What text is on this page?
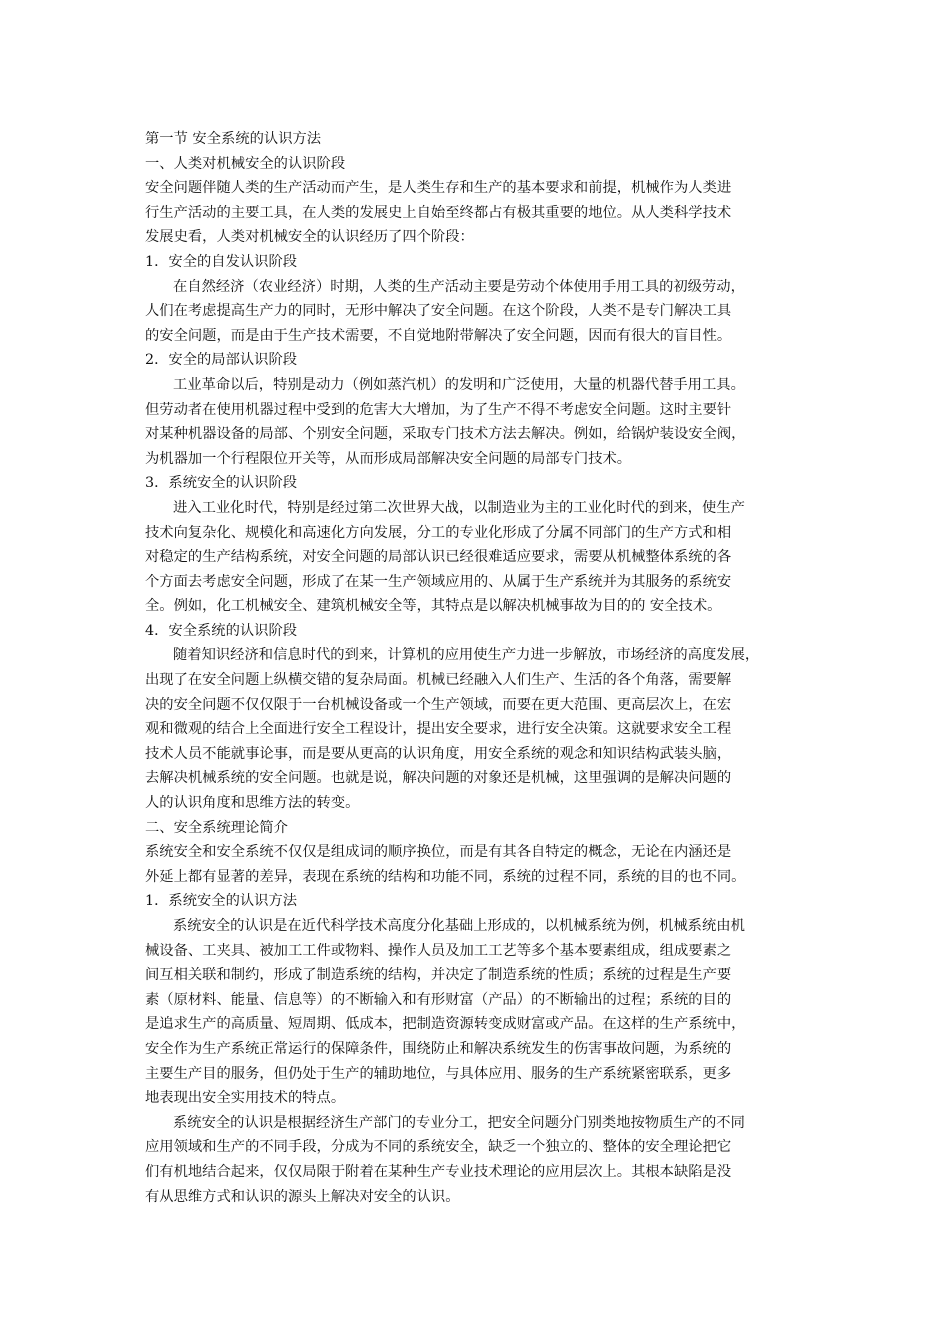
第一节 安全系统的认识方法
一、人类对机械安全的认识阶段
安全问题伴随人类的生产活动而产生，是人类生存和生产的基本要求和前提，机械作为人类进
行生产活动的主要工具，在人类的发展史上自始至终都占有极其重要的地位。从人类科学技术
发展史看，人类对机械安全的认识经历了四个阶段：
1．安全的自发认识阶段
在自然经济（农业经济）时期，人类的生产活动主要是劳动个体使用手用工具的初级劳动，
人们在考虑提高生产力的同时，无形中解决了安全问题。在这个阶段，人类不是专门解决工具
的安全问题，而是由于生产技术需要，不自觉地附带解决了安全问题，因而有很大的盲目性。
2．安全的局部认识阶段
工业革命以后，特别是动力（例如蒸汽机）的发明和广泛使用，大量的机器代替手用工具。
但劳动者在使用机器过程中受到的危害大大增加，为了生产不得不考虑安全问题。这时主要针
对某种机器设备的局部、个别安全问题，采取专门技术方法去解决。例如，给锅炉装设安全阀，
为机器加一个行程限位开关等，从而形成局部解决安全问题的局部专门技术。
3．系统安全的认识阶段
进入工业化时代，特别是经过第二次世界大战，以制造业为主的工业化时代的到来，使生产
技术向复杂化、规模化和高速化方向发展，分工的专业化形成了分属不同部门的生产方式和相
对稳定的生产结构系统，对安全问题的局部认识已经很难适应要求，需要从机械整体系统的各
个方面去考虑安全问题，形成了在某一生产领域应用的、从属于生产系统并为其服务的系统安
全。例如，化工机械安全、建筑机械安全等，其特点是以解决机械事故为目的的 安全技术。
4．安全系统的认识阶段
随着知识经济和信息时代的到来，计算机的应用使生产力进一步解放，市场经济的高度发展，
出现了在安全问题上纵横交错的复杂局面。机械已经融入人们生产、生活的各个角落，需要解
决的安全问题不仅仅限于一台机械设备或一个生产领域，而要在更大范围、更高层次上，在宏
观和微观的结合上全面进行安全工程设计，提出安全要求，进行安全决策。这就要求安全工程
技术人员不能就事论事，而是要从更高的认识角度，用安全系统的观念和知识结构武装头脑，
去解决机械系统的安全问题。也就是说，解决问题的对象还是机械，这里强调的是解决问题的
人的认识角度和思维方法的转变。
二、安全系统理论简介
系统安全和安全系统不仅仅是组成词的顺序换位，而是有其各自特定的概念，无论在内涵还是
外延上都有显著的差异，表现在系统的结构和功能不同，系统的过程不同，系统的目的也不同。
1．系统安全的认识方法
系统安全的认识是在近代科学技术高度分化基础上形成的，以机械系统为例，机械系统由机
械设备、工夹具、被加工工件或物料、操作人员及加工工艺等多个基本要素组成，组成要素之
间互相关联和制约，形成了制造系统的结构，并决定了制造系统的性质；系统的过程是生产要
素（原材料、能量、信息等）的不断输入和有形财富（产品）的不断输出的过程；系统的目的
是追求生产的高质量、短周期、低成本，把制造资源转变成财富或产品。在这样的生产系统中，
安全作为生产系统正常运行的保障条件，围绕防止和解决系统发生的伤害事故问题，为系统的
主要生产目的服务，但仍处于生产的辅助地位，与具体应用、服务的生产系统紧密联系，更多
地表现出安全实用技术的特点。
系统安全的认识是根据经济生产部门的专业分工，把安全问题分门别类地按物质生产的不同
应用领域和生产的不同手段，分成为不同的系统安全，缺乏一个独立的、整体的安全理论把它
们有机地结合起来，仅仅局限于附着在某种生产专业技术理论的应用层次上。其根本缺陷是没
有从思维方式和认识的源头上解决对安全的认识。
